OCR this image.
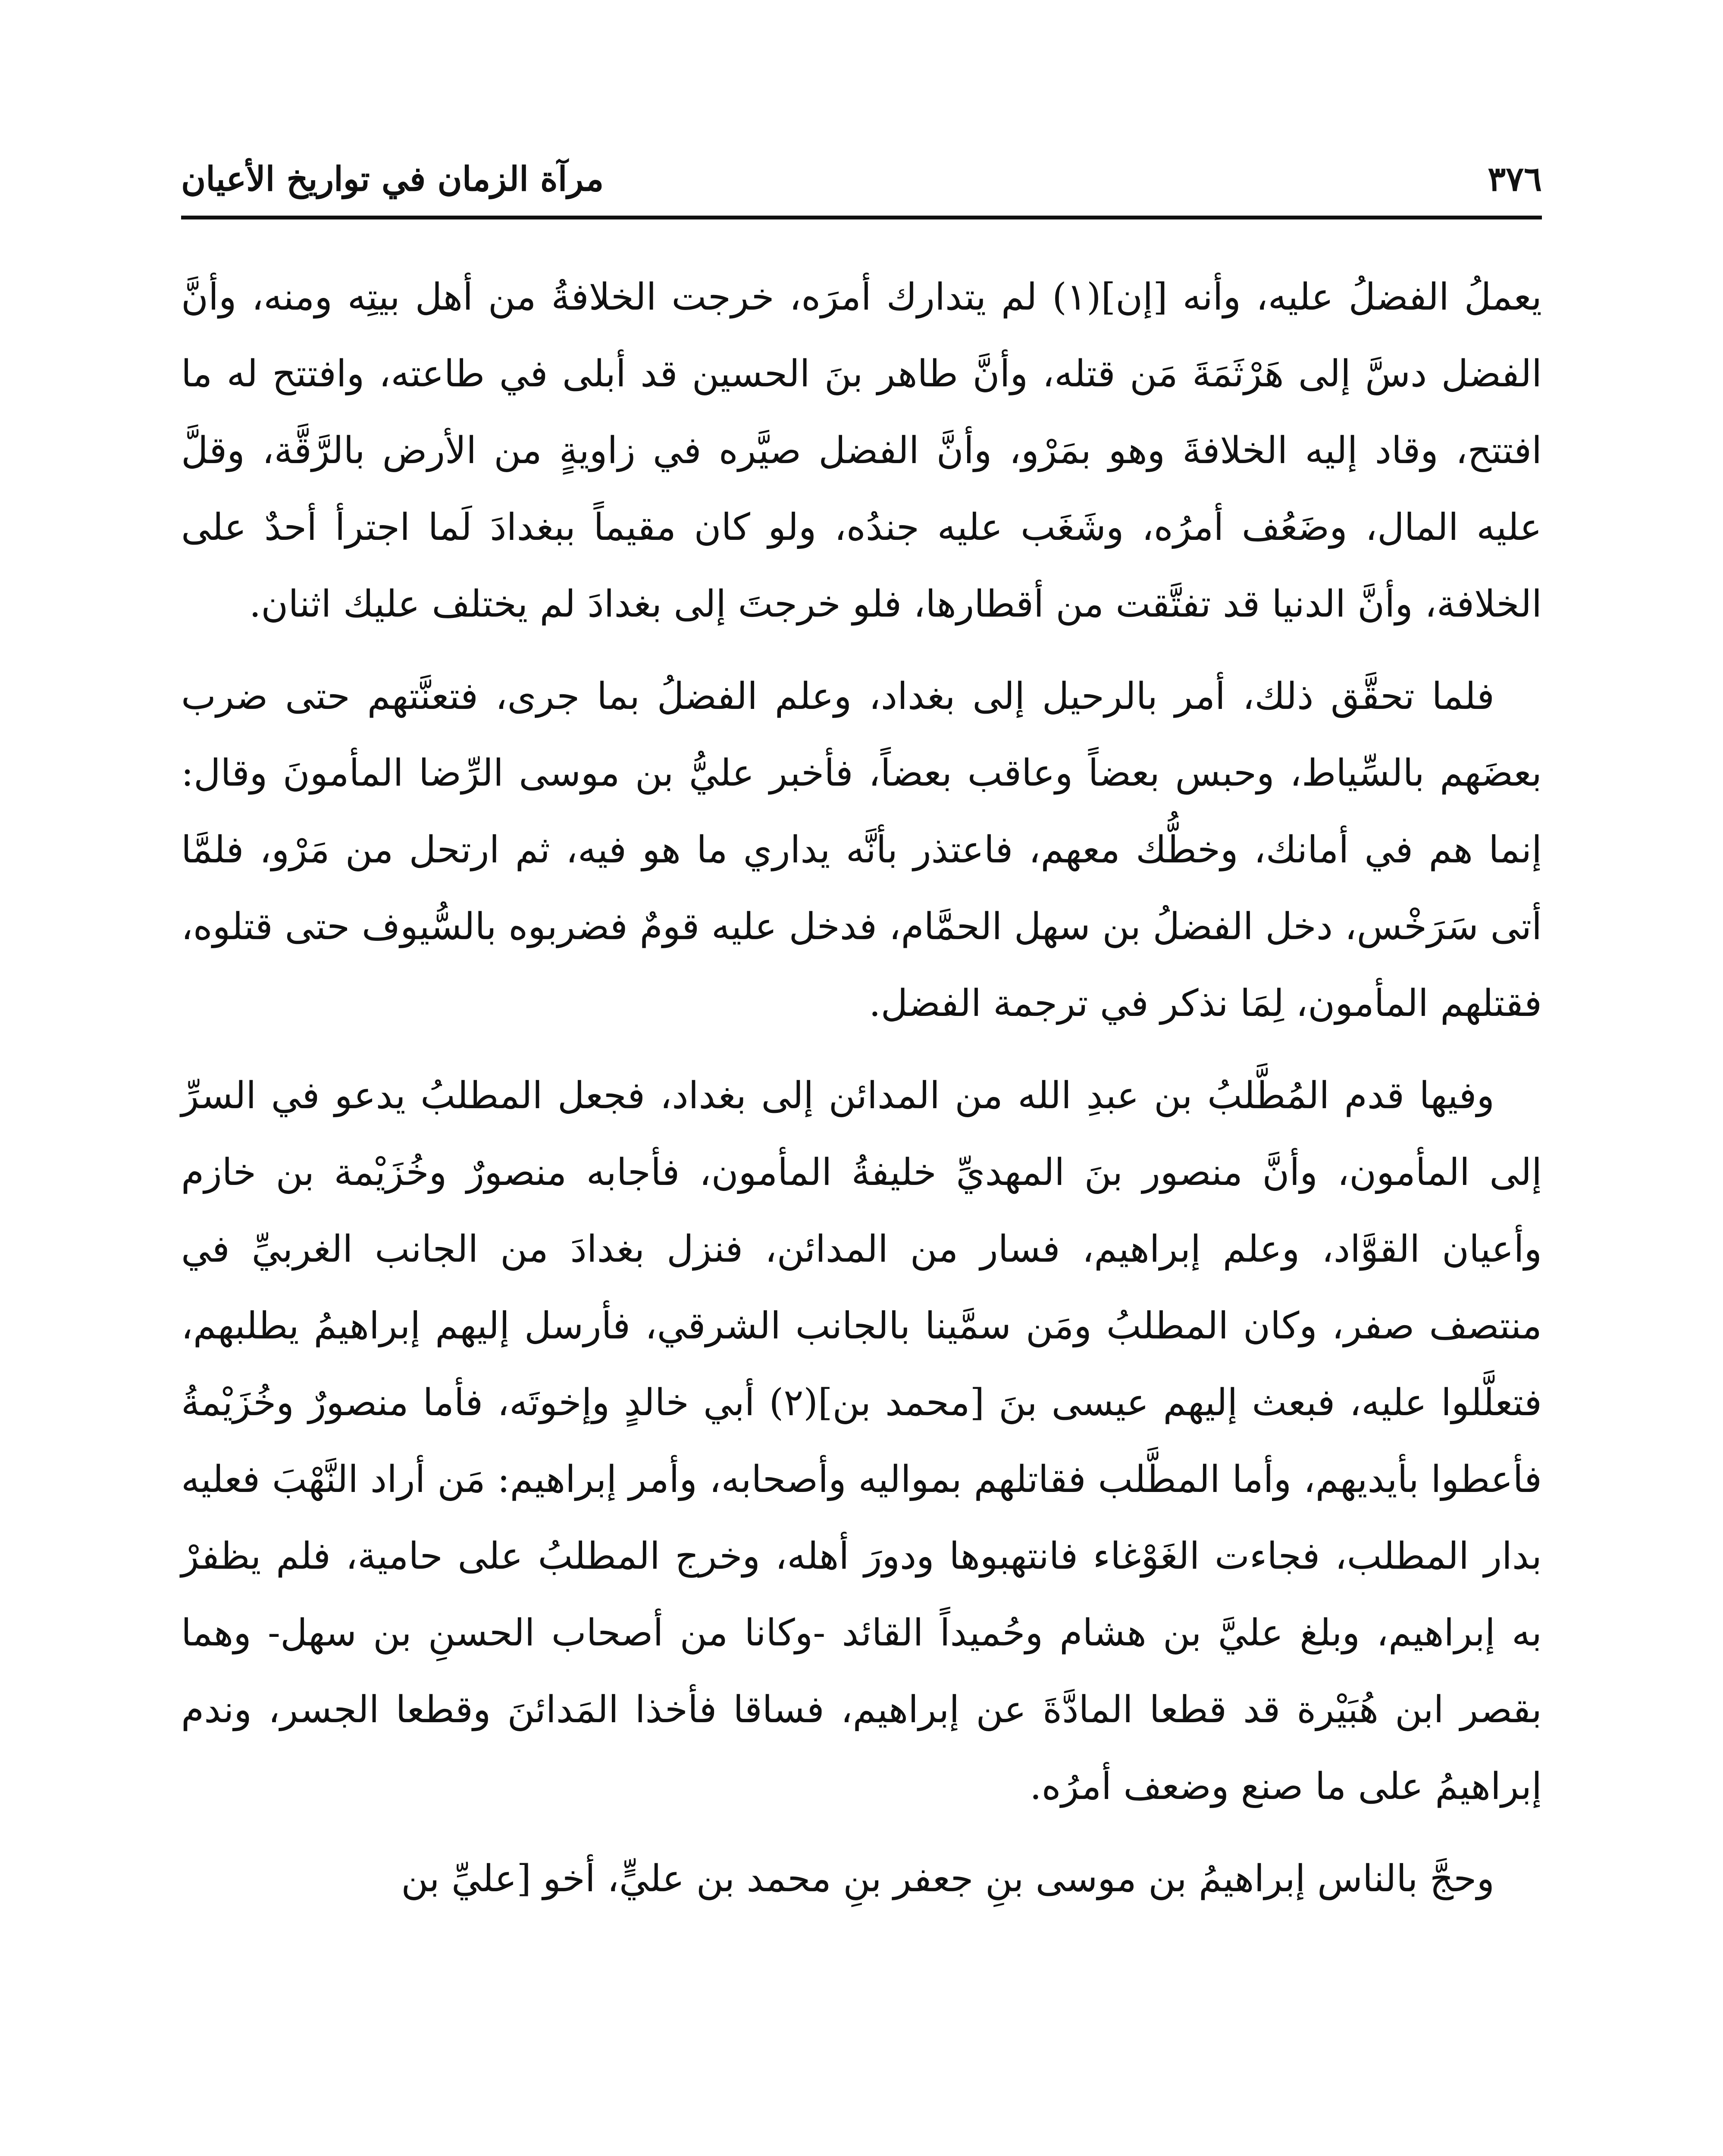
٣٧٦
مرآة الزمان في تواريخ الأعيان

يعملُ الفضلُ عليه، وأنه [إن](١) لم يتدارك أمرَه، خرجت الخلافةُ من أهل بيتِه ومنه، وأنَّ الفضل دسَّ إلى هَرْثَمَةَ مَن قتله، وأنَّ طاهر بنَ الحسين قد أبلى في طاعته، وافتتح له ما افتتح، وقاد إليه الخلافةَ وهو بمَرْو، وأنَّ الفضل صيَّره في زاويةٍ من الأرض بالرَّقَّة، وقلَّ عليه المال، وضَعُف أمرُه، وشَغَب عليه جندُه، ولو كان مقيماً ببغدادَ لَما اجترأ أحدٌ على الخلافة، وأنَّ الدنيا قد تفتَّقت من أقطارها، فلو خرجتَ إلى بغدادَ لم يختلف عليك اثنان.

فلما تحقَّق ذلك، أمر بالرحيل إلى بغداد، وعلم الفضلُ بما جرى، فتعنَّتهم حتى ضرب بعضَهم بالسِّياط، وحبس بعضاً وعاقب بعضاً، فأخبر عليُّ بن موسى الرِّضا المأمونَ وقال: إنما هم في أمانك، وخطُّك معهم، فاعتذر بأنَّه يداري ما هو فيه، ثم ارتحل من مَرْو، فلمَّا أتى سَرَخْس، دخل الفضلُ بن سهل الحمَّام، فدخل عليه قومٌ فضربوه بالسُّيوف حتى قتلوه، فقتلهم المأمون، لِمَا نذكر في ترجمة الفضل.

وفيها قدم المُطَّلبُ بن عبدِ الله من المدائن إلى بغداد، فجعل المطلبُ يدعو في السرِّ إلى المأمون، وأنَّ منصور بنَ المهديِّ خليفةُ المأمون، فأجابه منصورٌ وخُزَيْمة بن خازم وأعيان القوَّاد، وعلم إبراهيم، فسار من المدائن، فنزل بغدادَ من الجانب الغربيِّ في منتصف صفر، وكان المطلبُ ومَن سمَّينا بالجانب الشرقي، فأرسل إليهم إبراهيمُ يطلبهم، فتعلَّلوا عليه، فبعث إليهم عيسى بنَ [محمد بن](٢) أبي خالدٍ وإخوتَه، فأما منصورٌ وخُزَيْمةُ فأعطوا بأيديهم، وأما المطَّلب فقاتلهم بمواليه وأصحابه، وأمر إبراهيم: مَن أراد النَّهْبَ فعليه بدار المطلب، فجاءت الغَوْغاء فانتهبوها ودورَ أهله، وخرج المطلبُ على حامية، فلم يظفرْ به إبراهيم، وبلغ عليَّ بن هشام وحُميداً القائد -وكانا من أصحاب الحسنِ بن سهل- وهما بقصر ابن هُبَيْرة قد قطعا المادَّةَ عن إبراهيم، فساقا فأخذا المَدائنَ وقطعا الجسر، وندم إبراهيمُ على ما صنع وضعف أمرُه.

وحجَّ بالناس إبراهيمُ بن موسى بنِ جعفر بنِ محمد بن عليٍّ، أخو [عليِّ بن
